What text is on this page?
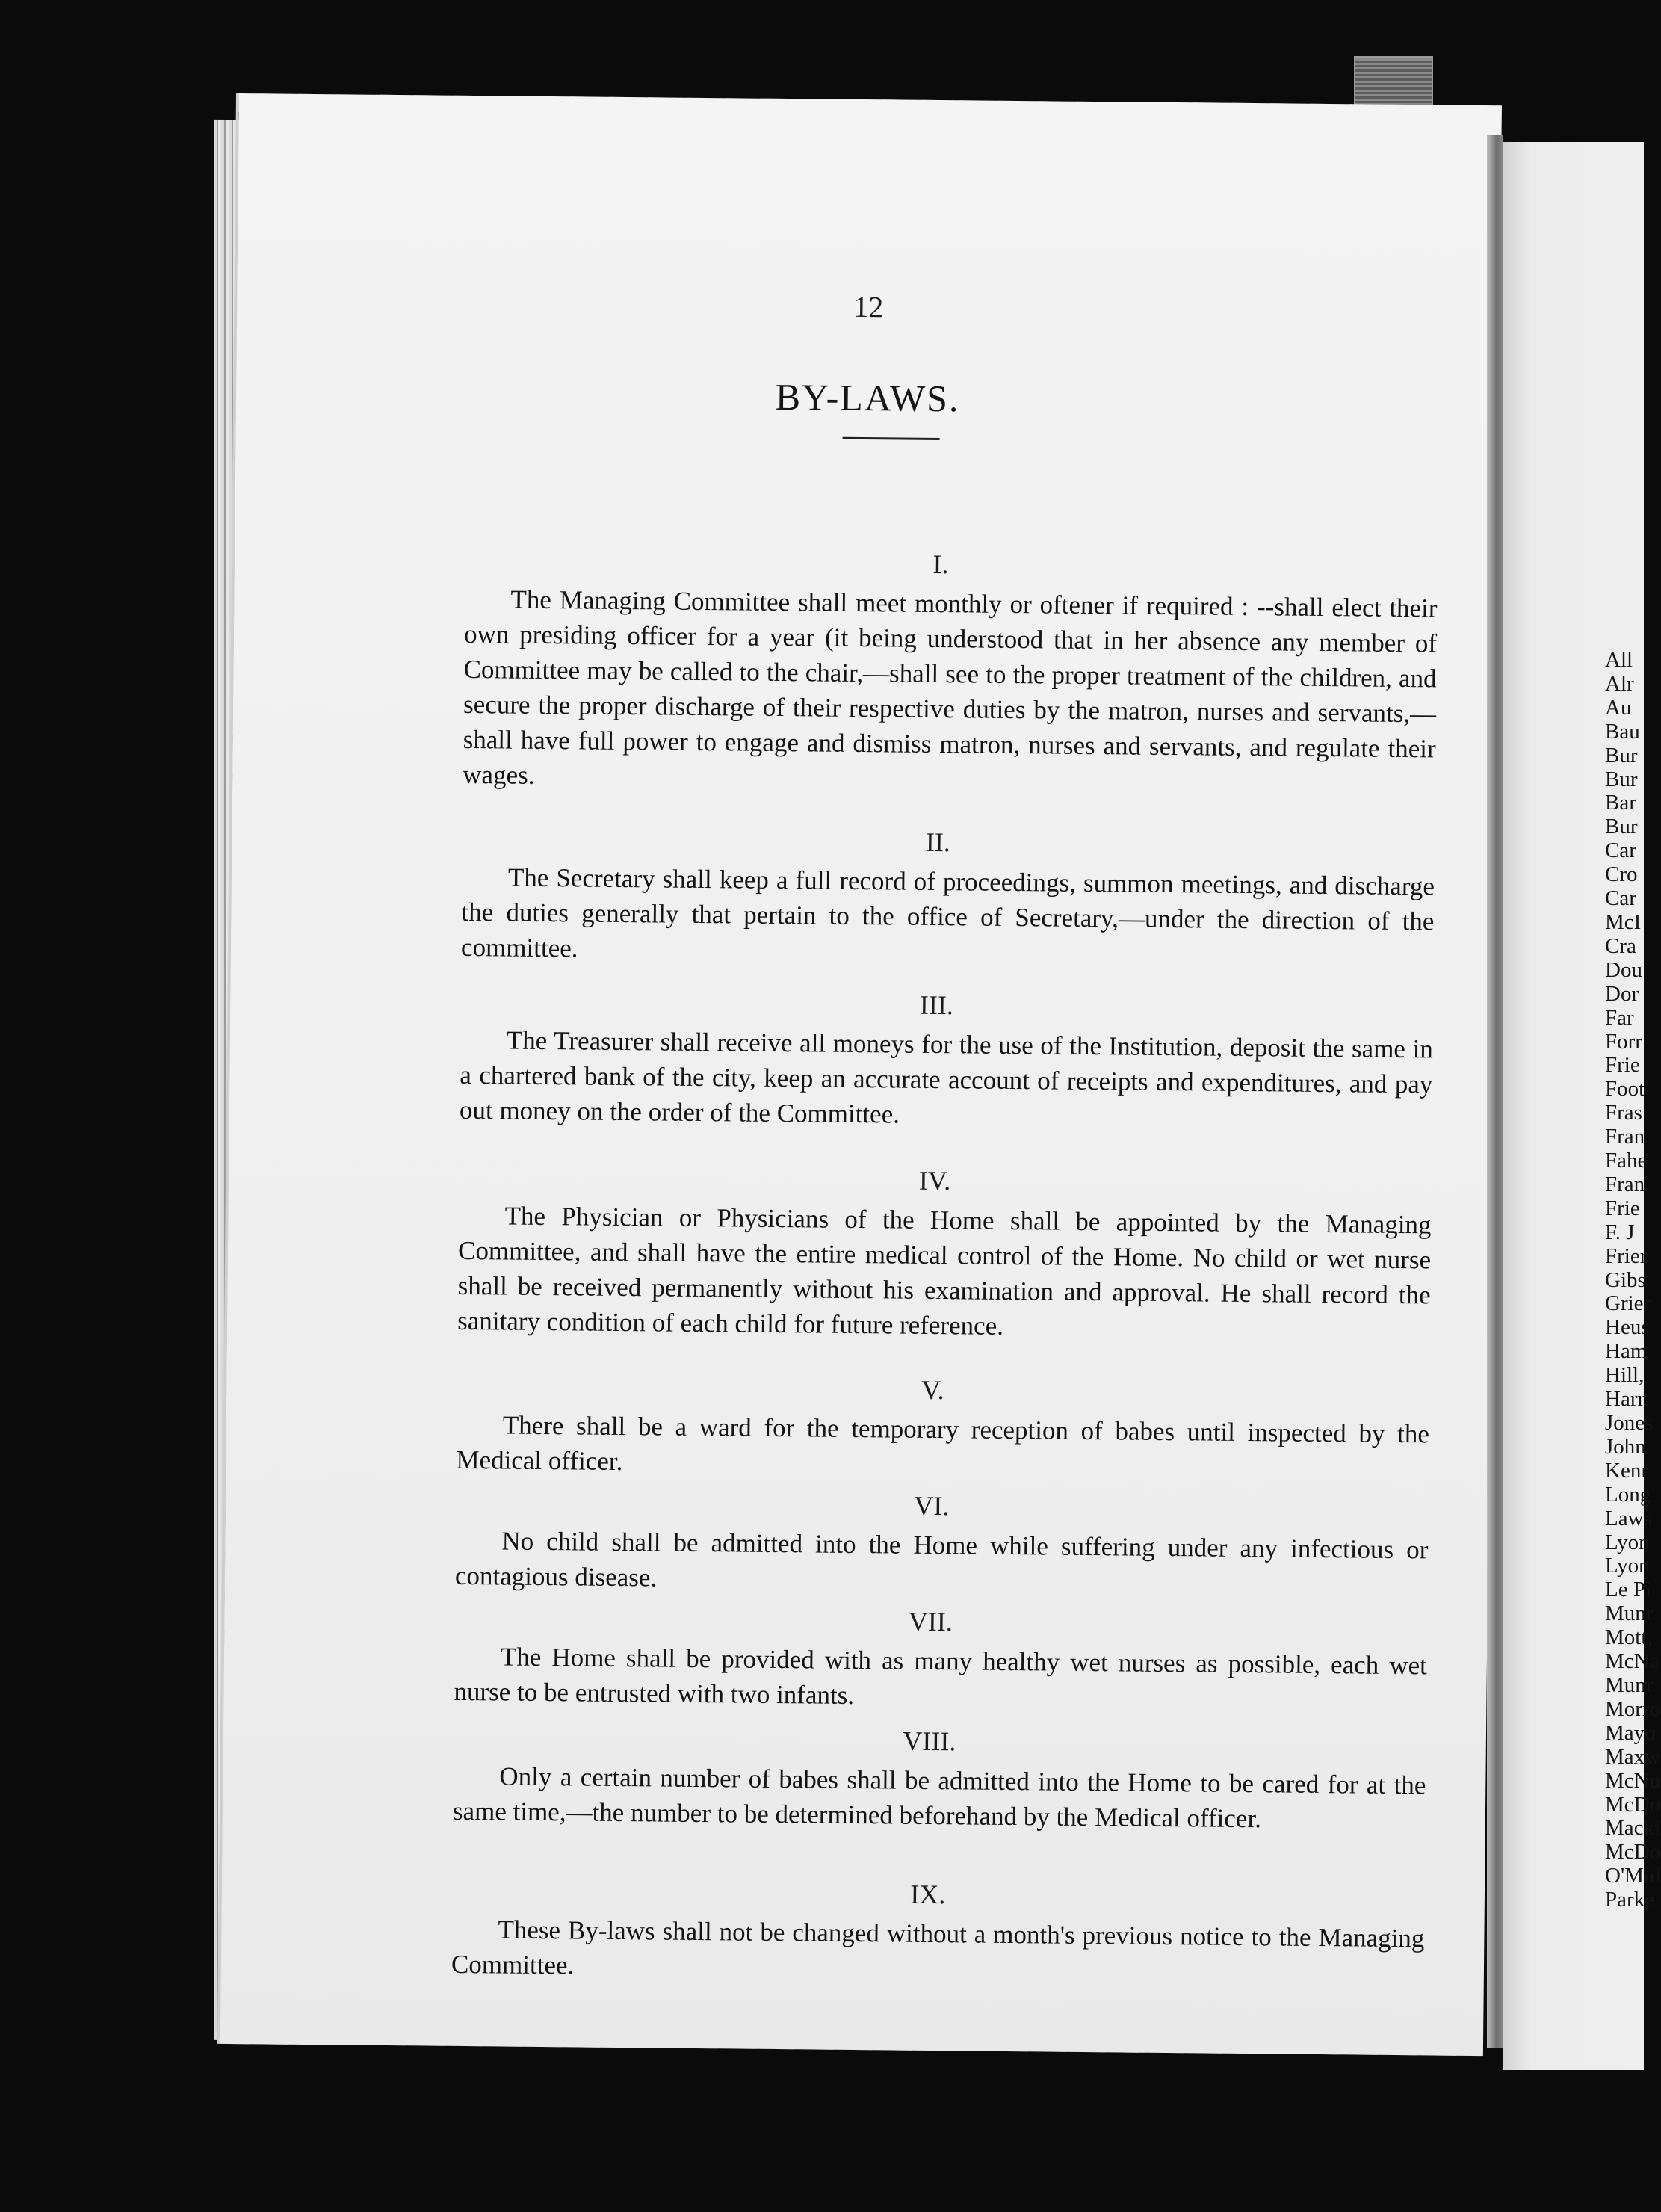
12
BY-LAWS.
I.

The Managing Committee shall meet monthly or oftener if required : --shall elect their own presiding officer for a year (it being understood that in her absence any member of Committee may be called to the chair,—shall see to the proper treatment of the children, and secure the proper discharge of their respective duties by the matron, nurses and servants,—shall have full power to engage and dismiss matron, nurses and servants, and regulate their wages.

II.

The Secretary shall keep a full record of proceedings, summon meetings, and discharge the duties generally that pertain to the office of Secretary,—under the direction of the committee.

III.

The Treasurer shall receive all moneys for the use of the Institution, deposit the same in a chartered bank of the city, keep an accurate account of receipts and expenditures, and pay out money on the order of the Committee.

IV.

The Physician or Physicians of the Home shall be appointed by the Managing Committee, and shall have the entire medical control of the Home. No child or wet nurse shall be received permanently without his examination and approval. He shall record the sanitary condition of each child for future reference.

V.

There shall be a ward for the temporary reception of babes until inspected by the Medical officer.

VI.

No child shall be admitted into the Home while suffering under any infectious or contagious disease.

VII.

The Home shall be provided with as many healthy wet nurses as possible, each wet nurse to be entrusted with two infants.

VIII.

Only a certain number of babes shall be admitted into the Home to be cared for at the same time,—the number to be determined beforehand by the Medical officer.

IX.

These By-laws shall not be changed without a month's previous notice to the Managing Committee.

All
Alr
Au
Bau
Bur
Bur
Bar
Bur
Car
Cro
Car
McI
Cra
Dou
Dor
Far
Forr
Frie
Foot
Fras
Fran
Fahe
Fran
Frie
F. J
Frier
Gibs
Grier
Heus
Ham
Hill,
Harr
Jones
John
Kenr
Long
Laws
Lyon
Lyon
Le Pi
Munr
Mott,
McNa
Munr
Morro
Mayo
Maxw
McNu
McDo
Macki
McDo
O'Mul
Parke
